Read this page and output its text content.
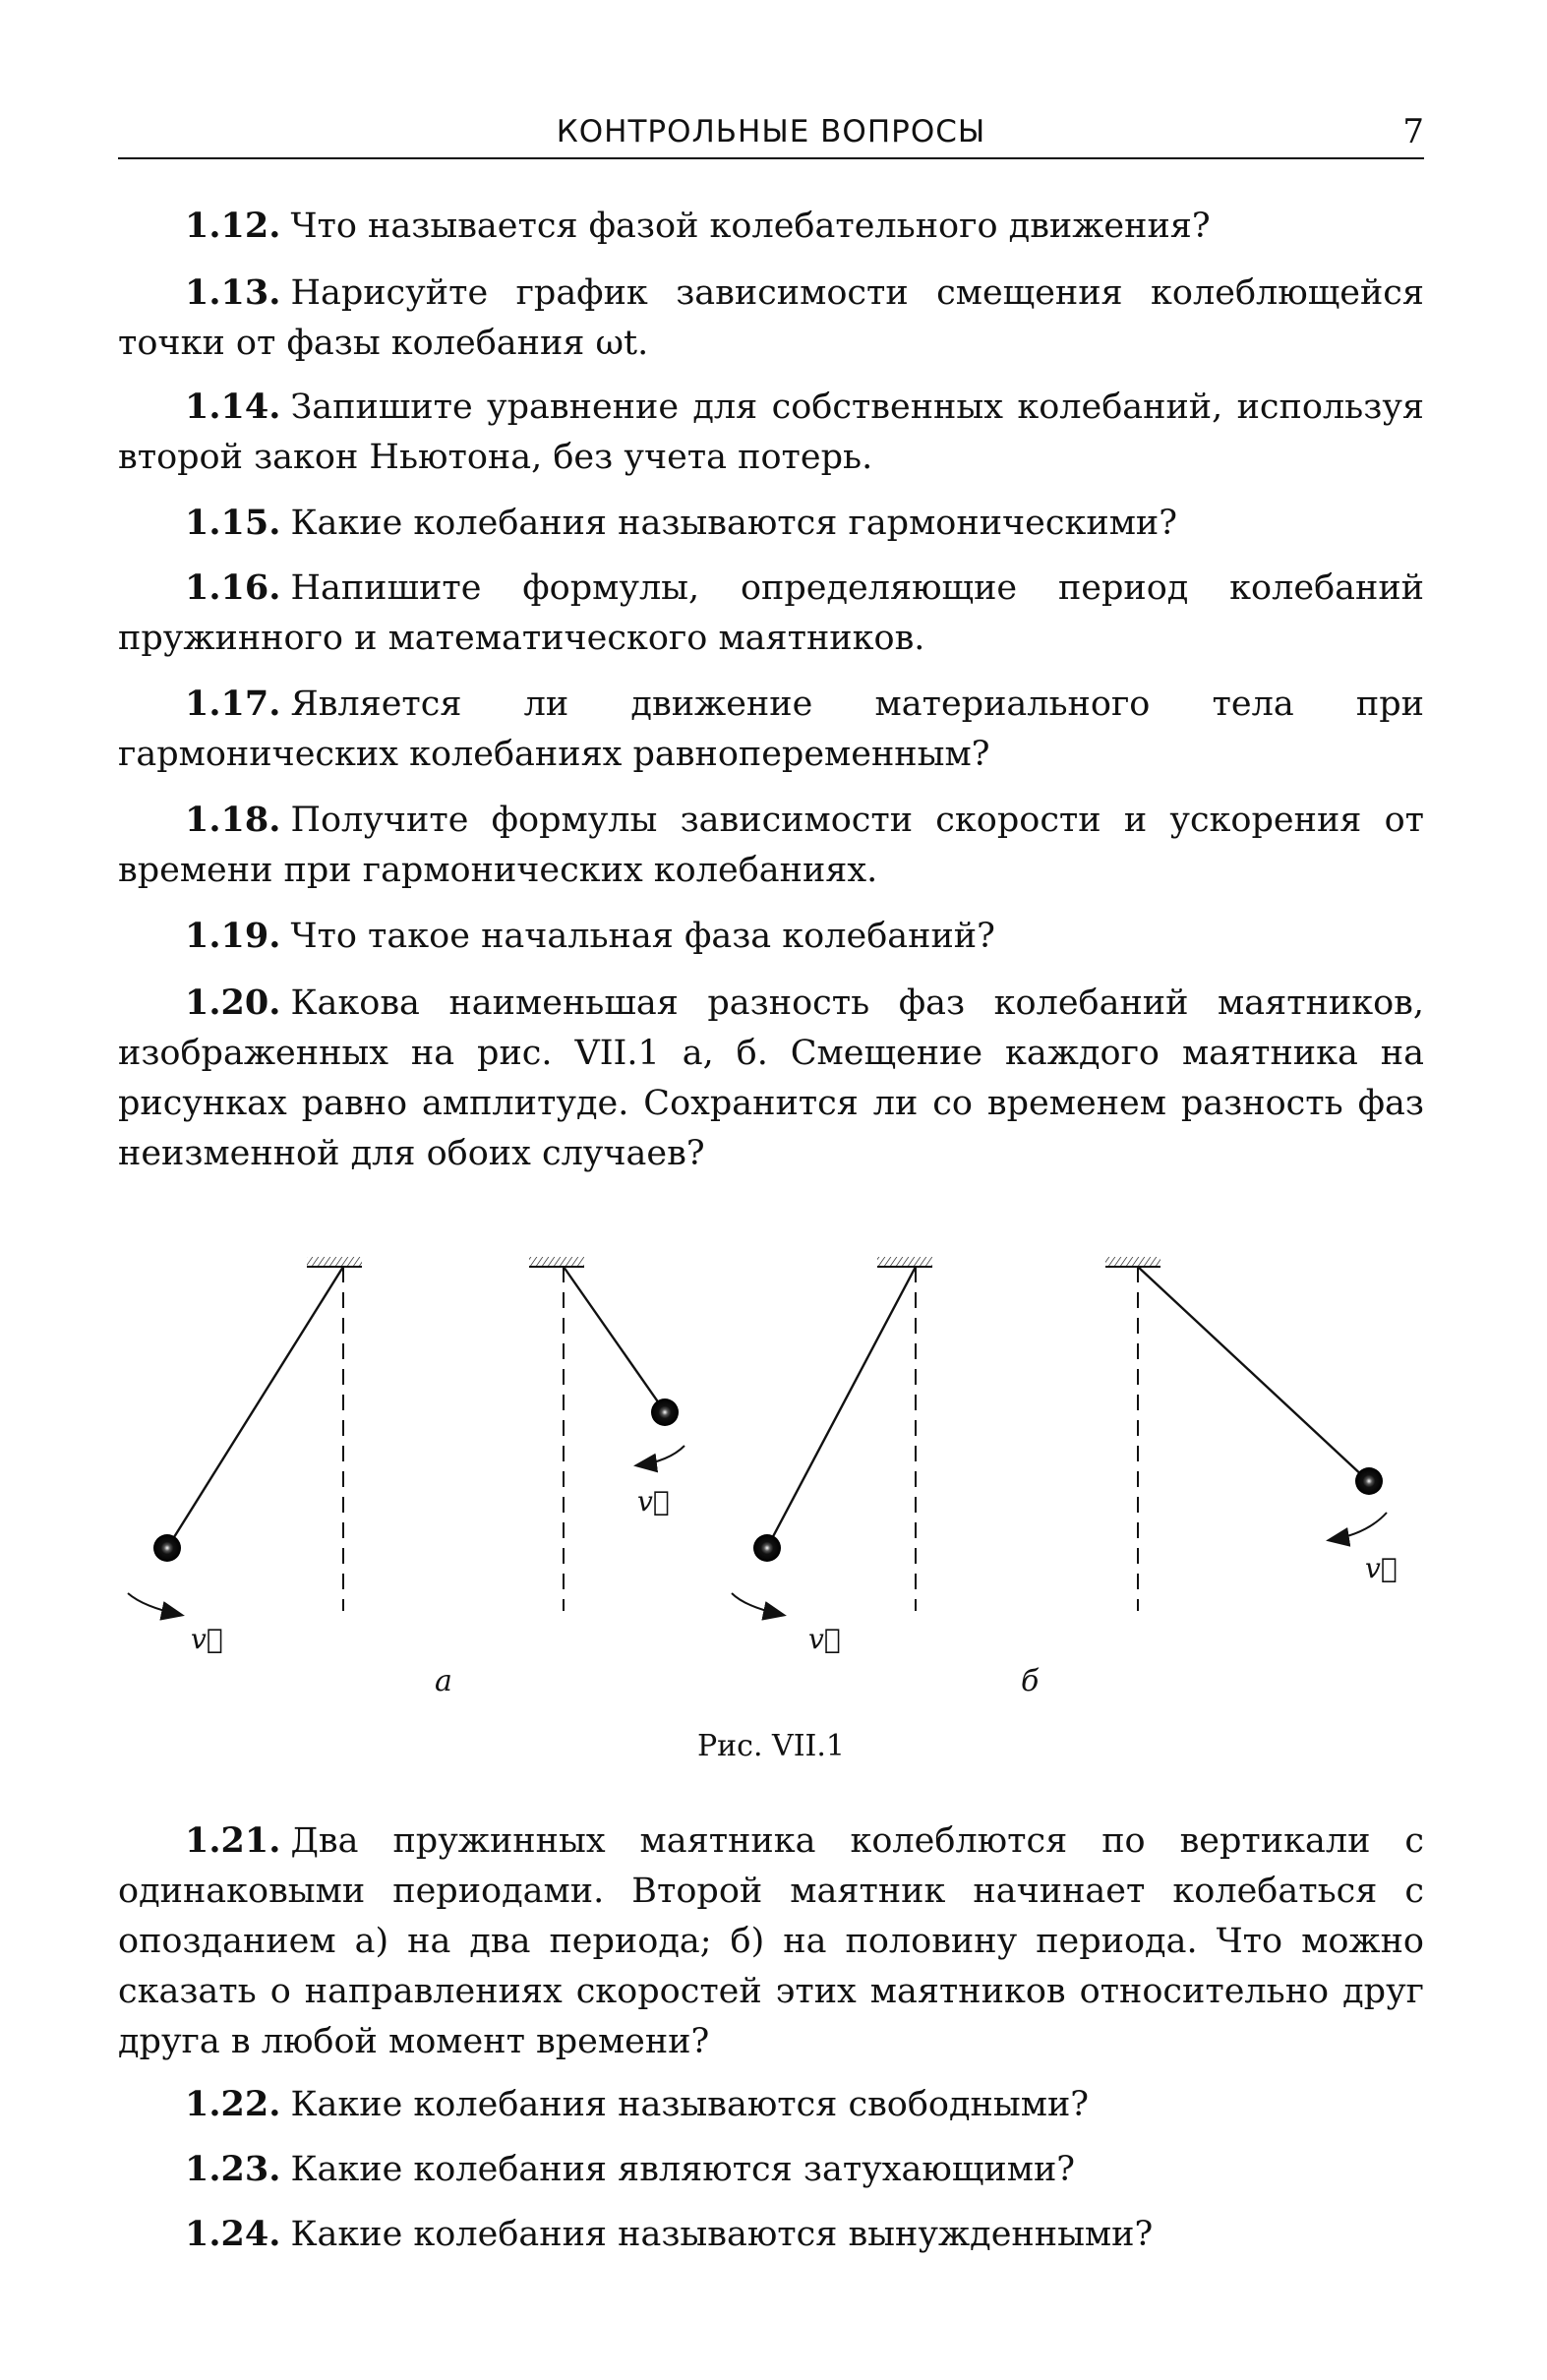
КОНТРОЛЬНЫЕ ВОПРОСЫ	7
1.12. Что называется фазой колебательного движения?
1.13. Нарисуйте график зависимости смещения колеблющейся точки от фазы колебания ωt.
1.14. Запишите уравнение для собственных колебаний, используя второй закон Ньютона, без учета потерь.
1.15. Какие колебания называются гармоническими?
1.16. Напишите формулы, определяющие период колебаний пружинного и математического маятников.
1.17. Является ли движение материального тела при гармонических колебаниях равнопеременным?
1.18. Получите формулы зависимости скорости и ускорения от времени при гармонических колебаниях.
1.19. Что такое начальная фаза колебаний?
1.20. Какова наименьшая разность фаз колебаний маятников, изображенных на рис. VII.1 а, б. Смещение каждого маятника на рисунках равно амплитуде. Сохранится ли со временем разность фаз неизменной для обоих случаев?
v⃗
v⃗
v⃗
v⃗
а	б
Рис. VII.1
1.21. Два пружинных маятника колеблются по вертикали с одинаковыми периодами. Второй маятник начинает колебаться с опозданием а) на два периода; б) на половину периода. Что можно сказать о направлениях скоростей этих маятников относительно друг друга в любой момент времени?
1.22. Какие колебания называются свободными?
1.23. Какие колебания являются затухающими?
1.24. Какие колебания называются вынужденными?
